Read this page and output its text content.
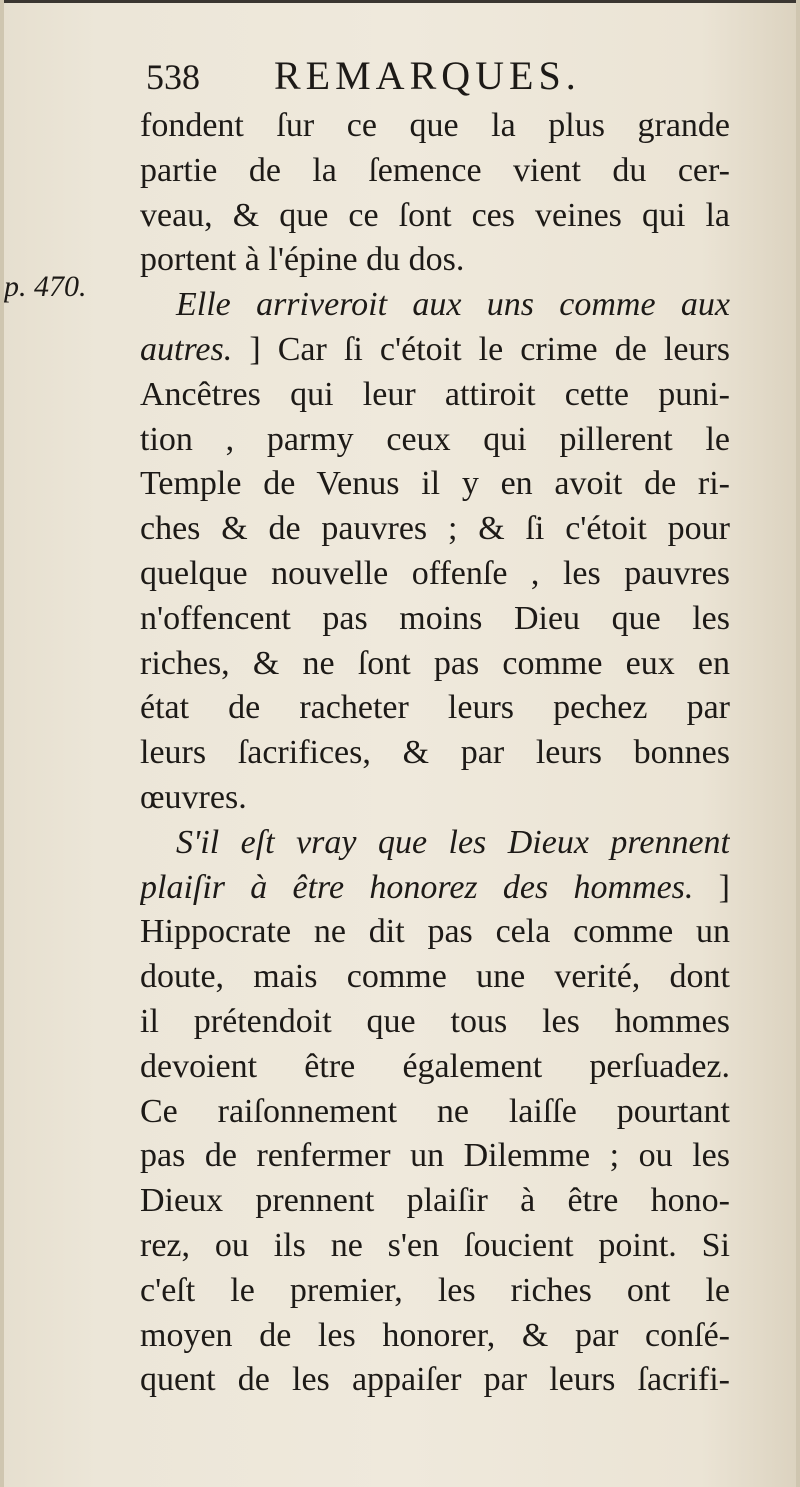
538 REMARQUES.
p. 470.
fondent ſur ce que la plus grande
partie de la ſemence vient du cer-
veau, & que ce ſont ces veines qui la
portent à l'épine du dos.
Elle arriveroit aux uns comme aux
autres. ] Car ſi c'étoit le crime de leurs
Ancêtres qui leur attiroit cette puni-
tion , parmy ceux qui pillerent le
Temple de Venus il y en avoit de ri-
ches & de pauvres ; & ſi c'étoit pour
quelque nouvelle offenſe , les pauvres
n'offencent pas moins Dieu que les
riches, & ne ſont pas comme eux en
état de racheter leurs pechez par
leurs ſacrifices, & par leurs bonnes
œuvres.
S'il eſt vray que les Dieux prennent
plaiſir à être honorez des hommes. ]
Hippocrate ne dit pas cela comme un
doute, mais comme une verité, dont
il prétendoit que tous les hommes
devoient être également perſuadez.
Ce raiſonnement ne laiſſe pourtant
pas de renfermer un Dilemme ; ou les
Dieux prennent plaiſir à être hono-
rez, ou ils ne s'en ſoucient point. Si
c'eſt le premier, les riches ont le
moyen de les honorer, & par conſé-
quent de les appaiſer par leurs ſacrifi-
